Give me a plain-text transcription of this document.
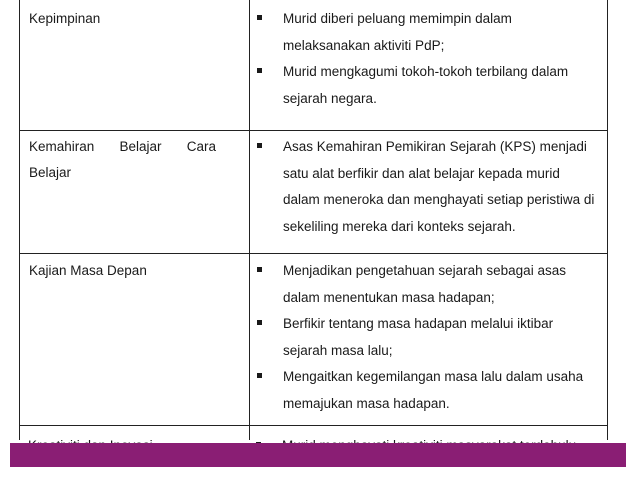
Kepimpinan	Murid diberi peluang memimpin dalam
melaksanakan aktiviti PdP;
Murid mengkagumi tokoh-tokoh terbilang dalam
sejarah negara.
Kemahiran Belajar Cara
Belajar
Asas Kemahiran Pemikiran Sejarah (KPS) menjadi
satu alat berfikir dan alat belajar kepada murid
dalam meneroka dan menghayati setiap peristiwa di
sekeliling mereka dari konteks sejarah.
Kajian Masa Depan	Menjadikan pengetahuan sejarah sebagai asas
dalam menentukan masa hadapan;
Berfikir tentang masa hadapan melalui iktibar
sejarah masa lalu;
Mengaitkan kegemilangan masa lalu dalam usaha
memajukan masa hadapan.
